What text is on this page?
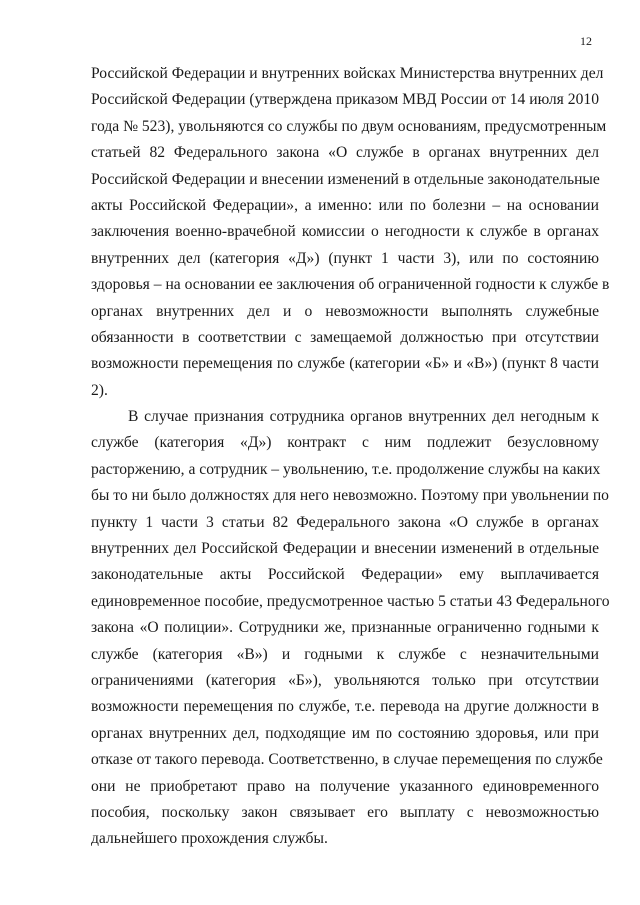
12
Российской Федерации и внутренних войсках Министерства внутренних дел
Российской Федерации (утверждена приказом МВД России от 14 июля 2010
года № 523), увольняются со службы по двум основаниям, предусмотренным
статьей 82 Федерального закона «О службе в органах внутренних дел
Российской Федерации и внесении изменений в отдельные законодательные
акты Российской Федерации», а именно: или по болезни – на основании
заключения военно-врачебной комиссии о негодности к службе в органах
внутренних дел (категория «Д») (пункт 1 части 3), или по состоянию
здоровья – на основании ее заключения об ограниченной годности к службе в
органах внутренних дел и о невозможности выполнять служебные
обязанности в соответствии с замещаемой должностью при отсутствии
возможности перемещения по службе (категории «Б» и «В») (пункт 8 части
2).
В случае признания сотрудника органов внутренних дел негодным к
службе (категория «Д») контракт с ним подлежит безусловному
расторжению, а сотрудник – увольнению, т.е. продолжение службы на каких
бы то ни было должностях для него невозможно. Поэтому при увольнении по
пункту 1 части 3 статьи 82 Федерального закона «О службе в органах
внутренних дел Российской Федерации и внесении изменений в отдельные
законодательные акты Российской Федерации» ему выплачивается
единовременное пособие, предусмотренное частью 5 статьи 43 Федерального
закона «О полиции». Сотрудники же, признанные ограниченно годными к
службе (категория «В») и годными к службе с незначительными
ограничениями (категория «Б»), увольняются только при отсутствии
возможности перемещения по службе, т.е. перевода на другие должности в
органах внутренних дел, подходящие им по состоянию здоровья, или при
отказе от такого перевода. Соответственно, в случае перемещения по службе
они не приобретают право на получение указанного единовременного
пособия, поскольку закон связывает его выплату с невозможностью
дальнейшего прохождения службы.
